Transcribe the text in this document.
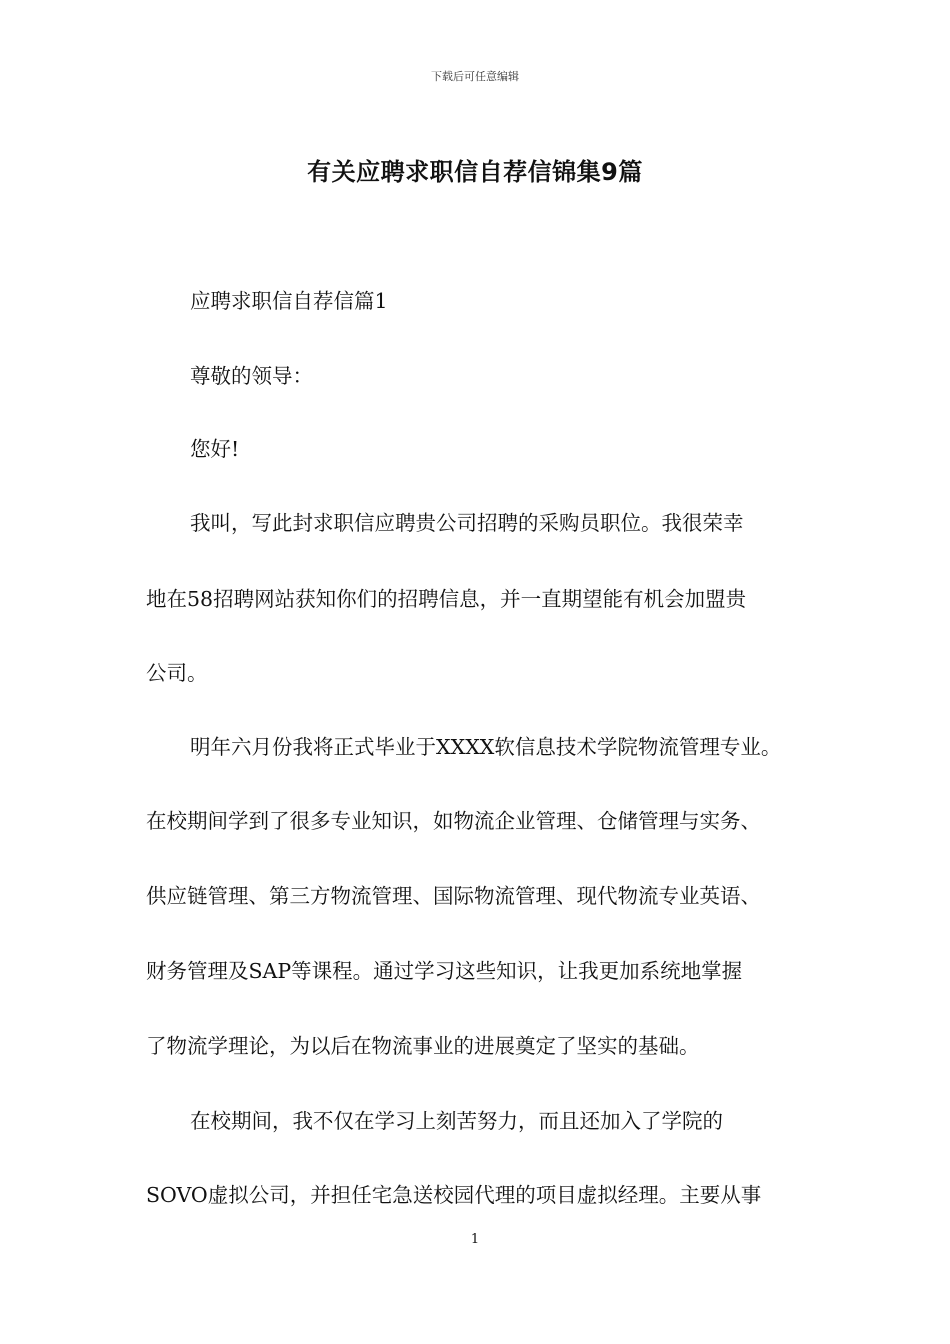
下载后可任意编辑
有关应聘求职信自荐信锦集9篇
应聘求职信自荐信篇1
尊敬的领导：
您好!
我叫，写此封求职信应聘贵公司招聘的采购员职位。我很荣幸
地在58招聘网站获知你们的招聘信息，并一直期望能有机会加盟贵
公司。
明年六月份我将正式毕业于XXXX软信息技术学院物流管理专业。
在校期间学到了很多专业知识，如物流企业管理、仓储管理与实务、
供应链管理、第三方物流管理、国际物流管理、现代物流专业英语、
财务管理及SAP等课程。通过学习这些知识，让我更加系统地掌握
了物流学理论，为以后在物流事业的进展奠定了坚实的基础。
在校期间，我不仅在学习上刻苦努力，而且还加入了学院的
SOVO虚拟公司，并担任宅急送校园代理的项目虚拟经理。主要从事
1
